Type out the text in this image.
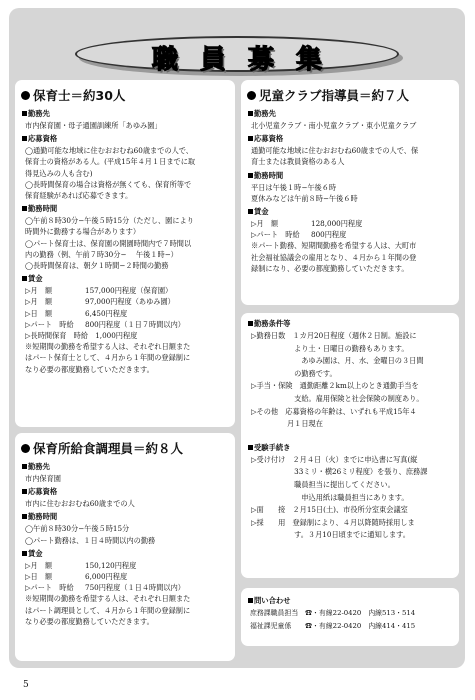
職員募集
保育士＝約30人
勤務先
市内保育園・母子通園訓練所「あゆみ園」
応募資格
◯通勤可能な地域に住むおおむね60歳までの人で、
保育士の資格がある人。(平成15年４月１日までに取
得見込みの人も含む)
◯長時間保育の場合は資格が無くても、保育所等で
保育経験があれば応募できます。
勤務時間
◯午前８時30分−午後５時15分（ただし、園により
時間外に勤務する場合があります）
◯パート保育士は、保育園の開園時間内で７時間以
内の勤務（例、午前７時30分−　 午後１時−）
◯長時間保育は、朝夕１時間−２時間の勤務
賃金
▷月　額	157,000円程度（保育園）
▷月　額	97,000円程度（あゆみ園）
▷日　額	6,450円程度
▷パート　時給 800円程度（１日７時間以内）
▷長時間保育　時給　 1,000円程度
※短期間の勤務を希望する人は、それぞれ日額また
はパート保育士として、４月から１年間の登録制に
なり必要の都度勤務していただきます。
保育所給食調理員＝約８人
勤務先
市内保育園
応募資格
市内に住むおおむね60歳までの人
勤務時間
◯午前８時30分−午後５時15分
◯パート勤務は、１日４時間以内の勤務
賃金
▷月　額	150,120円程度
▷日　額	6,000円程度
▷パート　時給 750円程度（１日４時間以内）
※短期間の勤務を希望する人は、それぞれ日額また
はパート調理員として、４月から１年間の登録制に
なり必要の都度勤務していただきます。
児童クラブ指導員＝約７人
勤務先
北小児童クラブ・南小児童クラブ・東小児童クラブ
応募資格
通勤可能な地域に住むおおむね60歳までの人で、保
育士または教員資格のある人
勤務時間
平日は午後１時−午後６時
夏休みなどは午前８時−午後６時
賃金
▷月　額	128,000円程度
▷パート　時給 800円程度
※パート勤務、短期間勤務を希望する人は、大町市
社会福祉協議会の雇用となり、４月から１年間の登
録制になり、必要の都度勤務していただきます。
勤務条件等
▷勤務日数　１カ月20日程度（週休２日制。施設に
　　　　　　より土・日曜日の勤務もあります。
　　　　　　　あゆみ園は、月、水、金曜日の３日間
　　　　　　の勤務です。
▷手当・保険　通勤距離２km以上のとき通勤手当を
　　　　　　支給。雇用保険と社会保険の制度あり。
▷その他　応募資格の年齢は、いずれも平成15年４
　　　　　月１日現在
受験手続き
▷受け付け　２月４日（火）までに申込書に写真(縦
　　　　　　33ミリ・横26ミリ程度）を張り、庶務課
　　　　　　職員担当に提出してください。
　　　　　　　申込用紙は職員担当にあります。
▷面　　接　２月15日(土)、市役所分室東会議室
▷採　　用　登録制により、４月以降随時採用しま
　　　　　　す。３月10日頃までに通知します。
問い合わせ
庶務課職員担当　☎・有線22-0420　内線513・514
福祉課児童係　　☎・有線22-0420　内線414・415
5
